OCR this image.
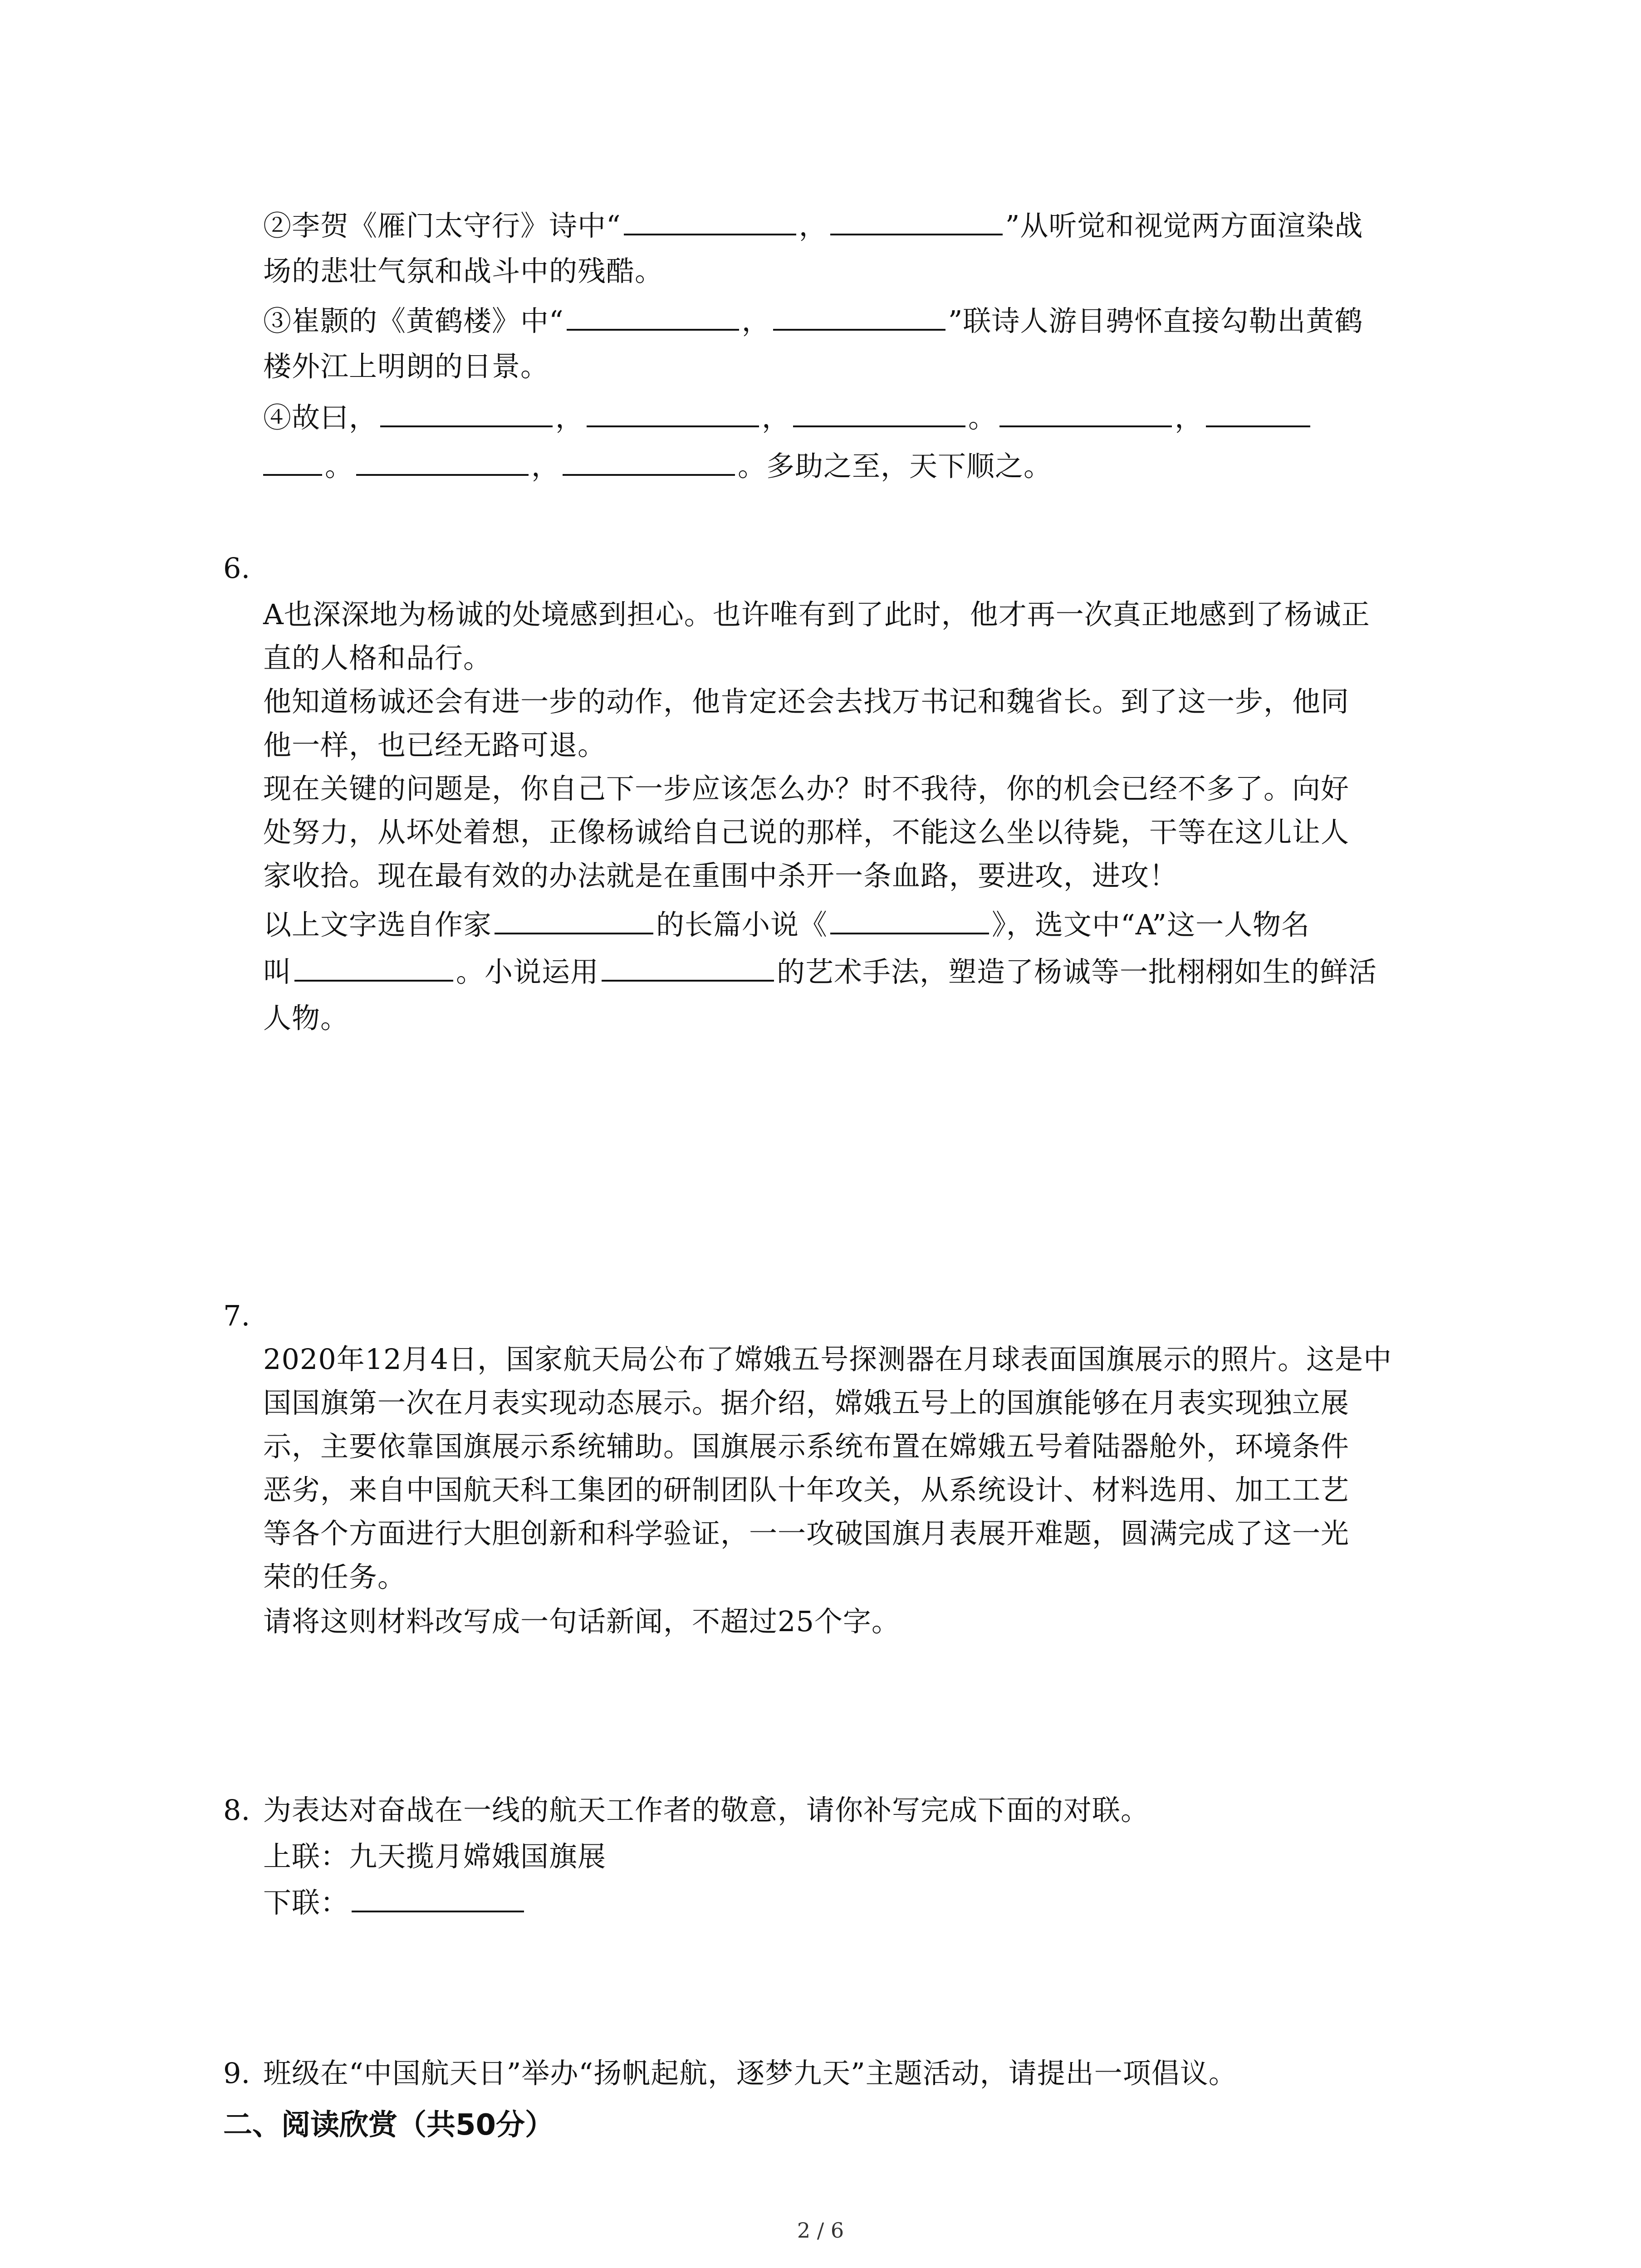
②李贺《雁门太守行》诗中“	，	”从听觉和视觉两方面渲染战
场的悲壮气氛和战斗中的残酷。
③崔颢的《黄鹤楼》中“	，	”联诗人游目骋怀直接勾勒出黄鹤
楼外江上明朗的日景。
④故曰，	，	，	。	，
。	，	。多助之至，天下顺之。
6.
A也深深地为杨诚的处境感到担心。也许唯有到了此时，他才再一次真正地感到了杨诚正
直的人格和品行。
他知道杨诚还会有进一步的动作，他肯定还会去找万书记和魏省长。到了这一步，他同
他一样，也已经无路可退。
现在关键的问题是，你自己下一步应该怎么办？时不我待，你的机会已经不多了。向好
处努力，从坏处着想，正像杨诚给自己说的那样，不能这么坐以待毙，干等在这儿让人
家收拾。现在最有效的办法就是在重围中杀开一条血路，要进攻，进攻！
以上文字选自作家	的长篇小说《	》，选文中“A”这一人物名
叫	。小说运用	的艺术手法，塑造了杨诚等一批栩栩如生的鲜活
人物。
7.
2020年12月4日，国家航天局公布了嫦娥五号探测器在月球表面国旗展示的照片。这是中
国国旗第一次在月表实现动态展示。据介绍，嫦娥五号上的国旗能够在月表实现独立展
示，主要依靠国旗展示系统辅助。国旗展示系统布置在嫦娥五号着陆器舱外，环境条件
恶劣，来自中国航天科工集团的研制团队十年攻关，从系统设计、材料选用、加工工艺
等各个方面进行大胆创新和科学验证，一一攻破国旗月表展开难题，圆满完成了这一光
荣的任务。
请将这则材料改写成一句话新闻，不超过25个字。
8. 为表达对奋战在一线的航天工作者的敬意，请你补写完成下面的对联。
上联：九天揽月嫦娥国旗展
下联：
9. 班级在“中国航天日”举办“扬帆起航，逐梦九天”主题活动，请提出一项倡议。
二、阅读欣赏（共50分）
2 / 6
